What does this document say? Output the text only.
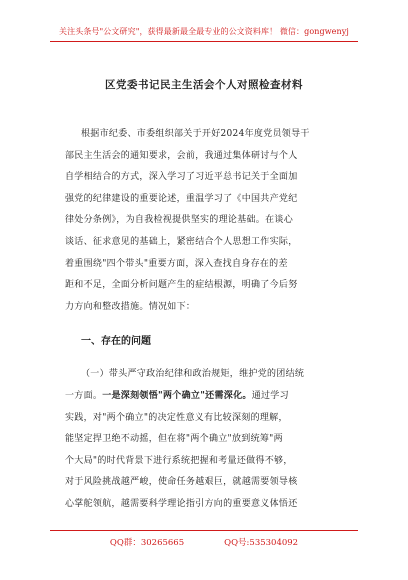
关注头条号"公文研究"，获得最新最全最专业的公文资料库！ 微信：gongwenyj
区党委书记民主生活会个人对照检查材料
根据市纪委、市委组织部关于开好2024年度党员领导干
部民主生活会的通知要求，会前，我通过集体研讨与个人
自学相结合的方式，深入学习了习近平总书记关于全面加
强党的纪律建设的重要论述，重温学习了《中国共产党纪
律处分条例》，为自我检视提供坚实的理论基础。在谈心
谈话、征求意见的基础上，紧密结合个人思想工作实际，
着重围绕"四个带头"重要方面，深入查找自身存在的差
距和不足，全面分析问题产生的症结根源，明确了今后努
力方向和整改措施。情况如下：
一、存在的问题
（一）带头严守政治纪律和政治规矩，维护党的团结统
一方面。一是深刻领悟"两个确立"还需深化。通过学习
实践，对"两个确立"的决定性意义有比较深刻的理解，
能坚定捍卫绝不动摇，但在将"两个确立"放到统筹"两
个大局"的时代背景下进行系统把握和考量还做得不够，
对于风险挑战越严峻，使命任务越艰巨，就越需要领导核
心掌舵领航，越需要科学理论指引方向的重要意义体悟还
QQ群：30265665	QQ号:535304092
